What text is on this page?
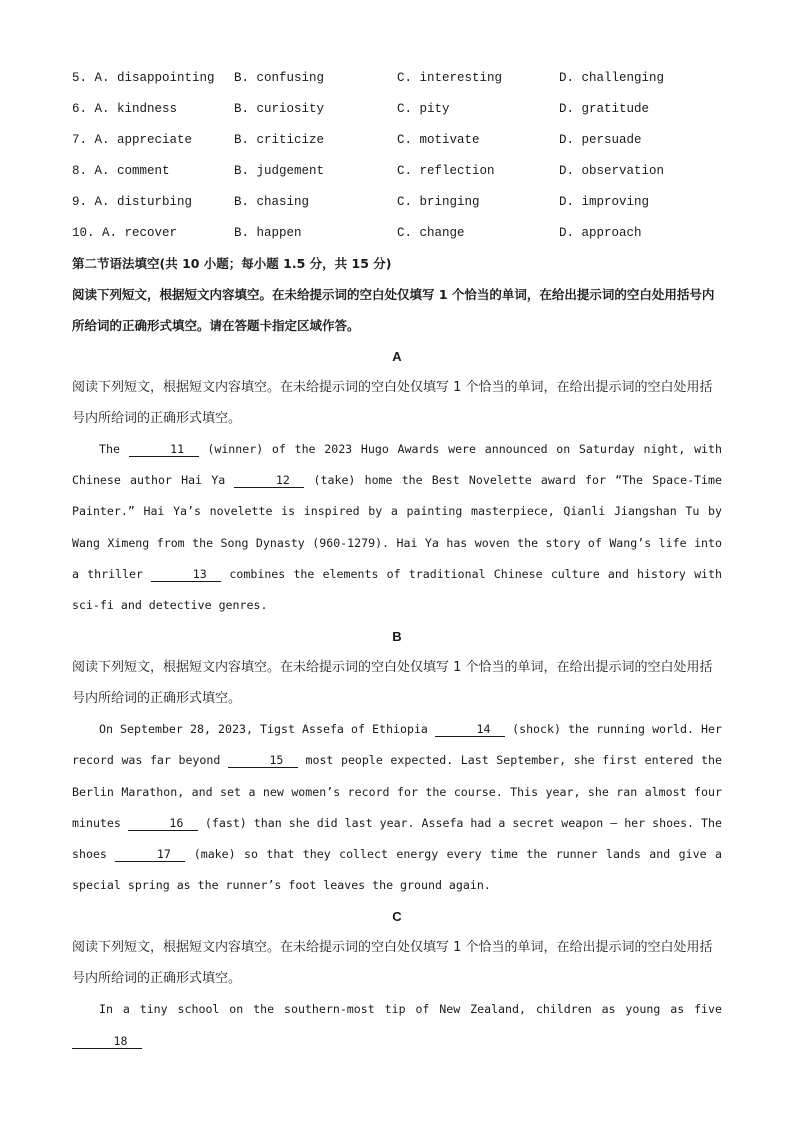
5. A. disappointing	B. confusing	C. interesting	D. challenging
6. A. kindness	B. curiosity	C. pity	D. gratitude
7. A. appreciate	B. criticize	C. motivate	D. persuade
8. A. comment	B. judgement	C. reflection	D. observation
9. A. disturbing	B. chasing	C. bringing	D. improving
10. A. recover	B. happen	C. change	D. approach
第二节语法填空(共 10 小题；每小题 1.5 分，共 15 分)
阅读下列短文，根据短文内容填空。在未给提示词的空白处仅填写 1 个恰当的单词，在给出提示词的空白处用括号内所给词的正确形式填空。请在答题卡指定区域作答。
A
阅读下列短文，根据短文内容填空。在未给提示词的空白处仅填写 1 个恰当的单词，在给出提示词的空白处用括号内所给词的正确形式填空。
The	11 (winner) of the 2023 Hugo Awards were announced on Saturday night, with Chinese author Hai Ya	12 (take) home the Best Novelette award for “The Space-Time Painter.” Hai Ya’s novelette is inspired by a painting masterpiece, Qianli Jiangshan Tu by Wang Ximeng from the Song Dynasty (960-1279). Hai Ya has woven the story of Wang’s life into a thriller	13 combines the elements of traditional Chinese culture and history with sci-fi and detective genres.
B
阅读下列短文，根据短文内容填空。在未给提示词的空白处仅填写 1 个恰当的单词，在给出提示词的空白处用括号内所给词的正确形式填空。
On September 28, 2023, Tigst Assefa of Ethiopia	14 (shock) the running world. Her record was far beyond	15 most people expected. Last September, she first entered the Berlin Marathon, and set a new women’s record for the course. This year, she ran almost four minutes	16 (fast) than she did last year. Assefa had a secret weapon — her shoes. The shoes	17 (make) so that they collect energy every time the runner lands and give a special spring as the runner’s foot leaves the ground again.
C
阅读下列短文，根据短文内容填空。在未给提示词的空白处仅填写 1 个恰当的单词，在给出提示词的空白处用括号内所给词的正确形式填空。
In a tiny school on the southern-most tip of New Zealand, children as young as five 18
